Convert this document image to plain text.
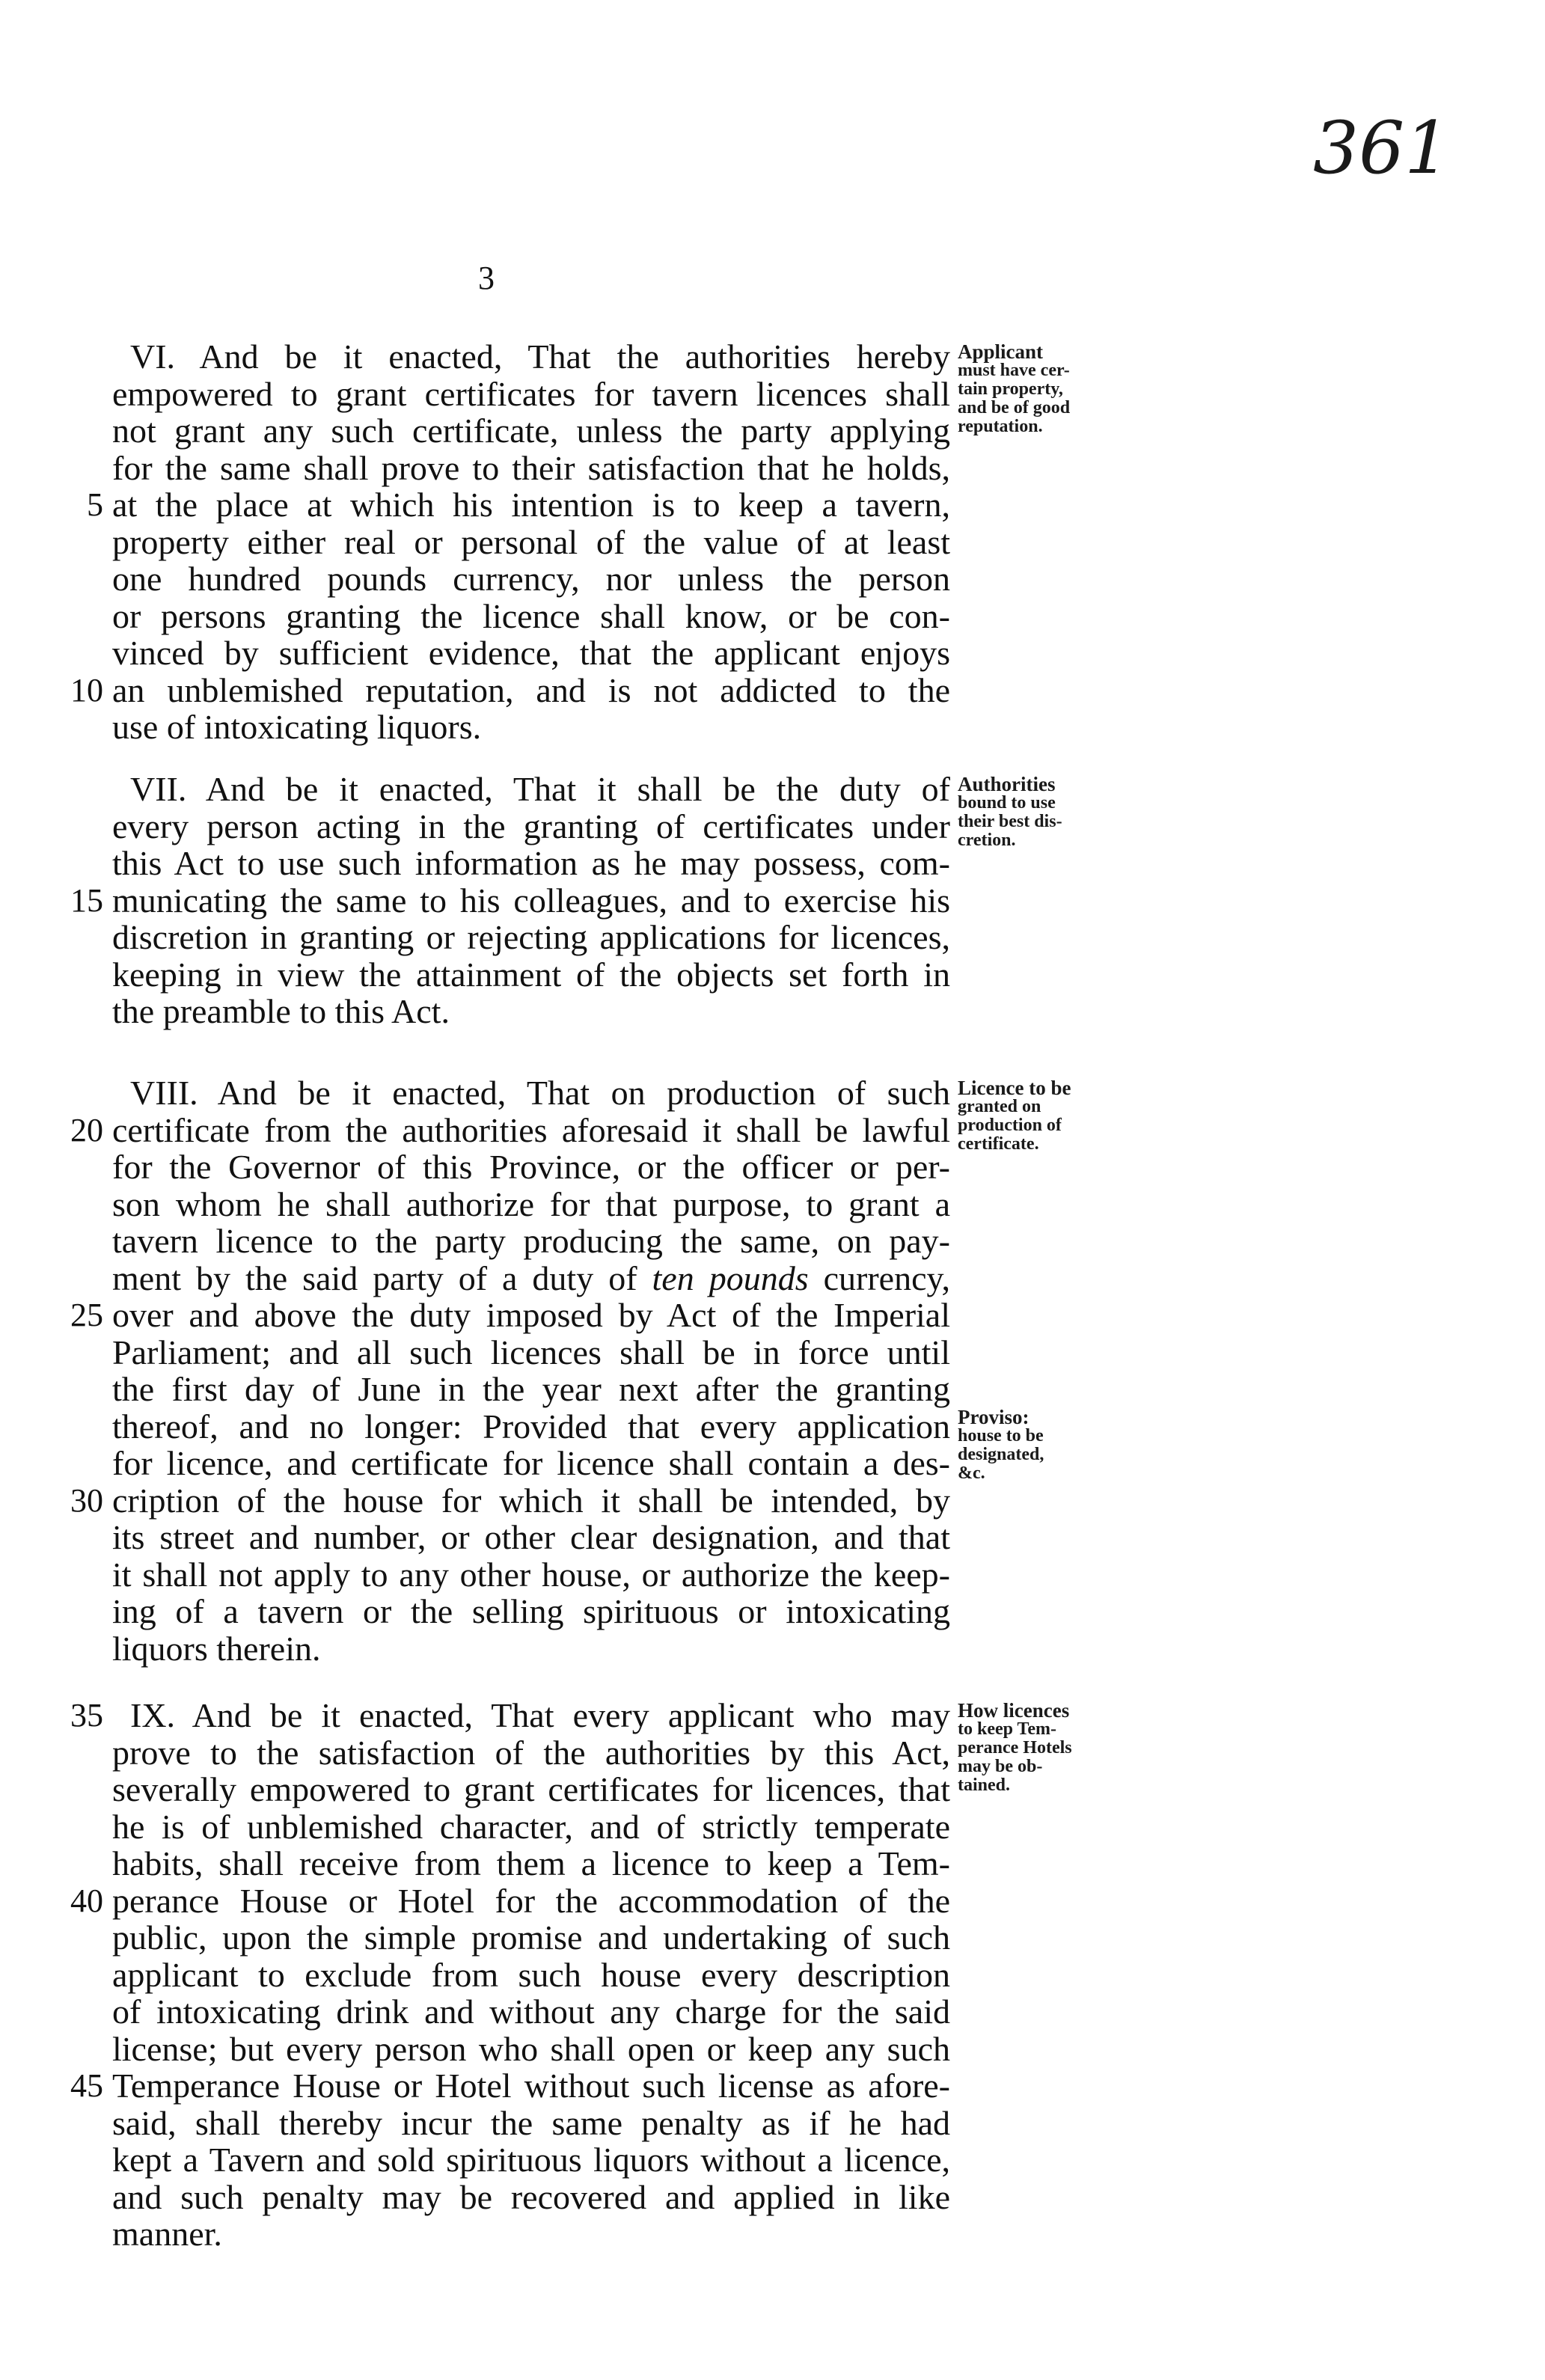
361
3
VI. And be it enacted, That the authorities hereby
empowered to grant certificates for tavern licences shall
not grant any such certificate, unless the party applying
for the same shall prove to their satisfaction that he holds,
5 at the place at which his intention is to keep a tavern,
property either real or personal of the value of at least
one hundred pounds currency, nor unless the person
or persons granting the licence shall know, or be con-
vinced by sufficient evidence, that the applicant enjoys
10 an unblemished reputation, and is not addicted to the
use of intoxicating liquors.
Applicant
must have cer-
tain property,
and be of good
reputation.
VII. And be it enacted, That it shall be the duty of
every person acting in the granting of certificates under
this Act to use such information as he may possess, com-
15 municating the same to his colleagues, and to exercise his
discretion in granting or rejecting applications for licences,
keeping in view the attainment of the objects set forth in
the preamble to this Act.
Authorities
bound to use
their best dis-
cretion.
VIII. And be it enacted, That on production of such
20 certificate from the authorities aforesaid it shall be lawful
for the Governor of this Province, or the officer or per-
son whom he shall authorize for that purpose, to grant a
tavern licence to the party producing the same, on pay-
ment by the said party of a duty of ten pounds currency,
25 over and above the duty imposed by Act of the Imperial
Parliament; and all such licences shall be in force until
the first day of June in the year next after the granting
thereof, and no longer: Provided that every application
for licence, and certificate for licence shall contain a des-
30 cription of the house for which it shall be intended, by
its street and number, or other clear designation, and that
it shall not apply to any other house, or authorize the keep-
ing of a tavern or the selling spirituous or intoxicating
liquors therein.
Licence to be
granted on
production of
certificate.
Proviso:
house to be
designated,
&c.
35 IX. And be it enacted, That every applicant who may
prove to the satisfaction of the authorities by this Act,
severally empowered to grant certificates for licences, that
he is of unblemished character, and of strictly temperate
habits, shall receive from them a licence to keep a Tem-
40 perance House or Hotel for the accommodation of the
public, upon the simple promise and undertaking of such
applicant to exclude from such house every description
of intoxicating drink and without any charge for the said
license; but every person who shall open or keep any such
45 Temperance House or Hotel without such license as afore-
said, shall thereby incur the same penalty as if he had
kept a Tavern and sold spirituous liquors without a licence,
and such penalty may be recovered and applied in like
manner.
How licences
to keep Tem-
perance Hotels
may be ob-
tained.
